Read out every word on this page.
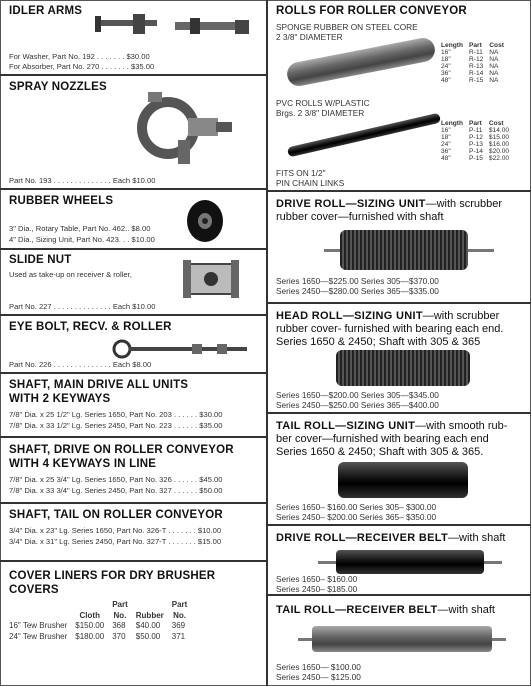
IDLER ARMS
For Washer, Part No. 192 . . . . . . . $30.00
For Absorber, Part No. 270 . . . . . . . $35.00
SPRAY NOZZLES
Part No. 193 . . . . . . . . . . . . . . Each $10.00
RUBBER WHEELS
3" Dia., Rotary Table, Part No. 462.. $8.00
4" Dia., Sizing Unit, Part No. 423. . . $10.00
SLIDE NUT
Used as take-up on receiver & roller,
Part No. 227 . . . . . . . . . . . . . . Each $10.00
EYE BOLT, RECV. & ROLLER
Part No. 226 . . . . . . . . . . . . . . Each $8.00
SHAFT, MAIN DRIVE ALL UNITS
WITH 2 KEYWAYS
7/8" Dia. x 25 1/2" Lg. Series 1650, Part No. 203 . . . . . . $30.00
7/8" Dia. x 33 1/2" Lg. Series 2450, Part No. 223 . . . . . . $35.00
SHAFT, DRIVE ON ROLLER CONVEYOR
WITH 4 KEYWAYS IN LINE
7/8" Dia. x 25 3/4" Lg. Series 1650, Part No. 326 . . . . . . $45.00
7/8" Dia. x 33 3/4" Lg. Series 2450, Part No. 327 . . . . . . $50.00
SHAFT, TAIL ON ROLLER CONVEYOR
3/4" Dia. x 23" Lg. Series 1650, Part No. 326-T . . . . . . . $10.00
3/4" Dia. x 31" Lg. Series 2450, Part No. 327-T . . . . . . . $15.00
COVER LINERS FOR DRY BRUSHER
COVERS
		Part		Part
	Cloth	No.	Rubber	No.
16" Tew Brusher	$150.00	368	$40.00	369
24" Tew Brusher	$180.00	370	$50.00	371
ROLLS FOR ROLLER CONVEYOR
SPONGE RUBBER ON STEEL CORE
2 3/8" DIAMETER
Length	Part	Cost
16"	R-11	NA
18"	R-12	NA
24"	R-13	NA
36"	R-14	NA
48"	R-15	NA
PVC ROLLS W/PLASTIC
Brgs. 2 3/8" DIAMETER
Length	Part	Cost
16"	P-11	$14.00
18"	P-12	$15.00
24"	P-13	$16.00
36"	P-14	$20.00
48"	P-15	$22.00
FITS ON 1/2"
PIN CHAIN LINKS
DRIVE ROLL—SIZING UNIT—with scrubber
rubber cover—furnished with shaft
Series 1650—$225.00 Series 305—$370.00
Series 2450—$280.00 Series 365—$335.00
HEAD ROLL—SIZING UNIT—with scrubber
rubber cover- furnished with bearing each end.
Series 1650 & 2450; Shaft with 305 & 365
Series 1650—$200.00 Series 305—$345.00
Series 2450—$250.00 Series 365—$400.00
TAIL ROLL—SIZING UNIT—with smooth rub-
ber cover—furnished with bearing each end
Series 1650 & 2450; Shaft with 305 & 365.
Series 1650– $160.00 Series 305– $300.00
Series 2450– $200.00 Series 365– $350.00
DRIVE ROLL—RECEIVER BELT—with shaft
Series 1650– $160.00
Series 2450– $185.00
TAIL ROLL—RECEIVER BELT—with shaft
Series 1650— $100.00
Series 2450— $125.00
